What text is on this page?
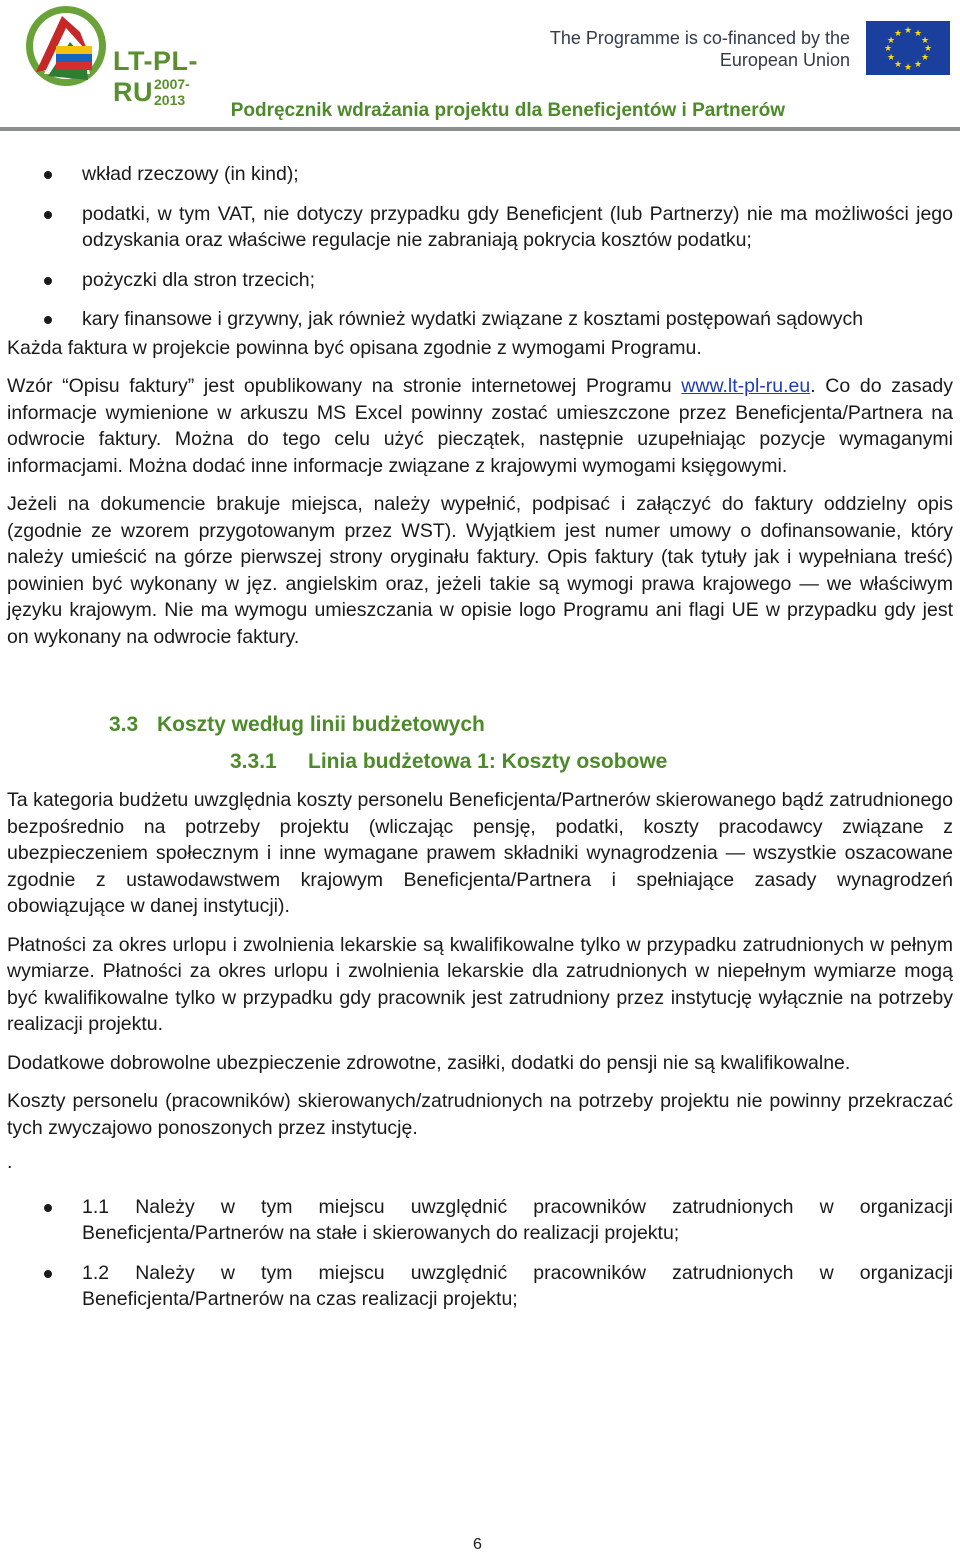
LT-PL-RU 2007-2013
The Programme is co-financed by the
European Union
★ ★
★
★
★
★
★
★
★
★
★
★
Podręcznik wdrażania projektu dla Beneficjentów i Partnerów
wkład rzeczowy (in kind);
podatki, w tym VAT, nie dotyczy przypadku gdy Beneficjent (lub Partnerzy) nie ma możliwości jego odzyskania oraz właściwe regulacje nie zabraniają pokrycia kosztów podatku;
pożyczki dla stron trzecich;
kary finansowe i grzywny, jak również wydatki związane z kosztami postępowań sądowych

Każda faktura w projekcie powinna być opisana zgodnie z wymogami Programu.

Wzór “Opisu faktury” jest opublikowany na stronie internetowej Programu www.lt-pl-ru.eu. Co do zasady informacje wymienione w arkuszu MS Excel powinny zostać umieszczone przez Beneficjenta/Partnera na odwrocie faktury. Można do tego celu użyć pieczątek, następnie uzupełniając pozycje wymaganymi informacjami. Można dodać inne informacje związane z krajowymi wymogami księgowymi.

Jeżeli na dokumencie brakuje miejsca, należy wypełnić, podpisać i załączyć do faktury oddzielny opis (zgodnie ze wzorem przygotowanym przez WST). Wyjątkiem jest numer umowy o dofinansowanie, który należy umieścić na górze pierwszej strony oryginału faktury. Opis faktury (tak tytuły jak i wypełniana treść) powinien być wykonany w jęz. angielskim oraz, jeżeli takie są wymogi prawa krajowego — we właściwym języku krajowym. Nie ma wymogu umieszczania w opisie logo Programu ani flagi UE w przypadku gdy jest on wykonany na odwrocie faktury.

3.3 Koszty według linii budżetowych
3.3.1 Linia budżetowa 1: Koszty osobowe

Ta kategoria budżetu uwzględnia koszty personelu Beneficjenta/Partnerów skierowanego bądź zatrudnionego bezpośrednio na potrzeby projektu (wliczając pensję, podatki, koszty pracodawcy związane z ubezpieczeniem społecznym i inne wymagane prawem składniki wynagrodzenia — wszystkie oszacowane zgodnie z ustawodawstwem krajowym Beneficjenta/Partnera i spełniające zasady wynagrodzeń obowiązujące w danej instytucji).

Płatności za okres urlopu i zwolnienia lekarskie są kwalifikowalne tylko w przypadku zatrudnionych w pełnym wymiarze. Płatności za okres urlopu i zwolnienia lekarskie dla zatrudnionych w niepełnym wymiarze mogą być kwalifikowalne tylko w przypadku gdy pracownik jest zatrudniony przez instytucję wyłącznie na potrzeby realizacji projektu.

Dodatkowe dobrowolne ubezpieczenie zdrowotne, zasiłki, dodatki do pensji nie są kwalifikowalne.

Koszty personelu (pracowników) skierowanych/zatrudnionych na potrzeby projektu nie powinny przekraczać tych zwyczajowo ponoszonych przez instytucję.

.
1.1 Należy w tym miejscu uwzględnić pracowników zatrudnionych w organizacji Beneficjenta/Partnerów na stałe i skierowanych do realizacji projektu;
1.2 Należy w tym miejscu uwzględnić pracowników zatrudnionych w organizacji Beneficjenta/Partnerów na czas realizacji projektu;
6
